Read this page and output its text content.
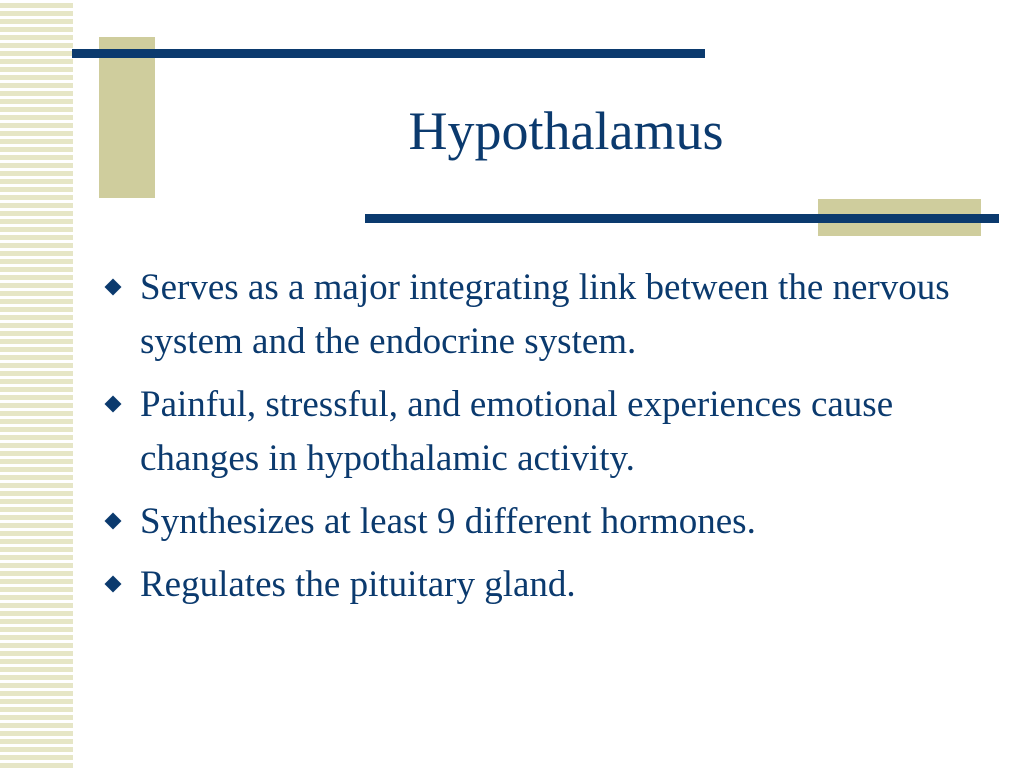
Hypothalamus
Serves as a major integrating link between the nervous system and the endocrine system.
Painful, stressful, and emotional experiences cause changes in hypothalamic activity.
Synthesizes at least 9 different hormones.
Regulates the pituitary gland.
